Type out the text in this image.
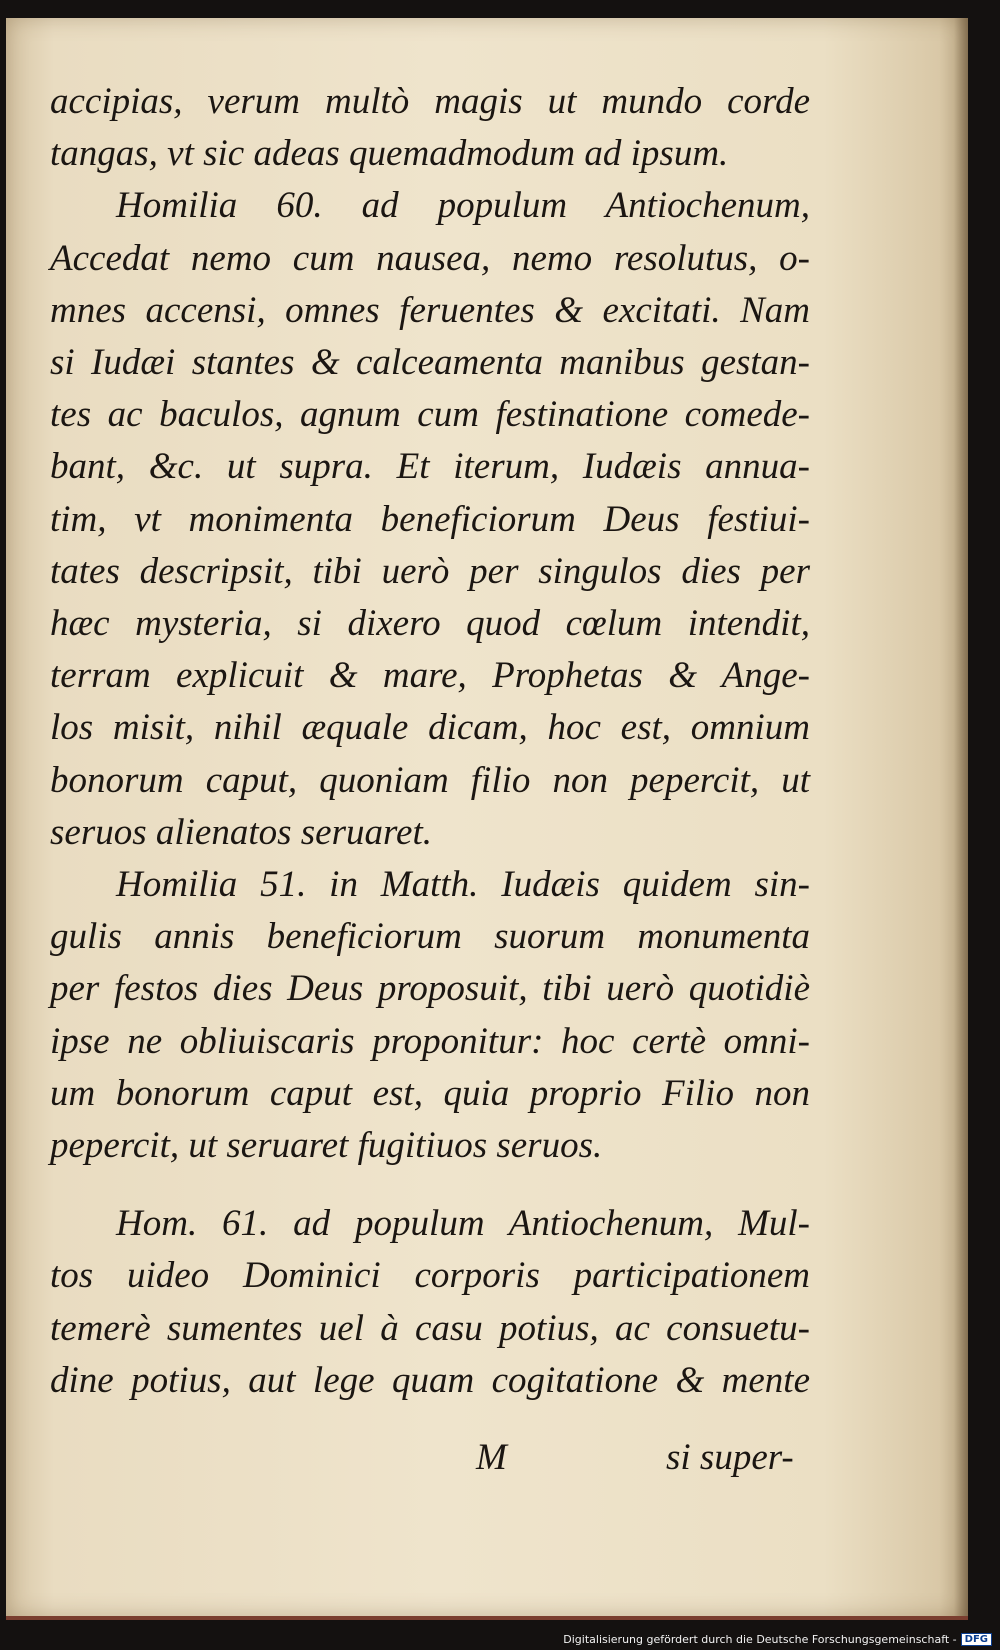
accipias, verum multò magis ut mundo corde
tangas, vt sic adeas quemadmodum ad ipsum.
Homilia 60. ad populum Antiochenum,
Accedat nemo cum nausea, nemo resolutus, o-
mnes accensi, omnes feruentes & excitati. Nam
si Iudæi stantes & calceamenta manibus gestan-
tes ac baculos, agnum cum festinatione comede-
bant, &c. ut supra. Et iterum, Iudæis annua-
tim, vt monimenta beneficiorum Deus festiui-
tates descripsit, tibi uerò per singulos dies per
hæc mysteria, si dixero quod cœlum intendit,
terram explicuit & mare, Prophetas & Ange-
los misit, nihil æquale dicam, hoc est, omnium
bonorum caput, quoniam filio non pepercit, ut
seruos alienatos seruaret.
Homilia 51. in Matth. Iudæis quidem sin-
gulis annis beneficiorum suorum monumenta
per festos dies Deus proposuit, tibi uerò quotidiè
ipse ne obliuiscaris proponitur: hoc certè omni-
um bonorum caput est, quia proprio Filio non
pepercit, ut seruaret fugitiuos seruos.
Hom. 61. ad populum Antiochenum, Mul-
tos uideo Dominici corporis participationem
temerè sumentes uel à casu potius, ac consuetu-
dine potius, aut lege quam cogitatione & mente
M	si super-
Digitalisierung gefördert durch die Deutsche Forschungsgemeinschaft - DFG
